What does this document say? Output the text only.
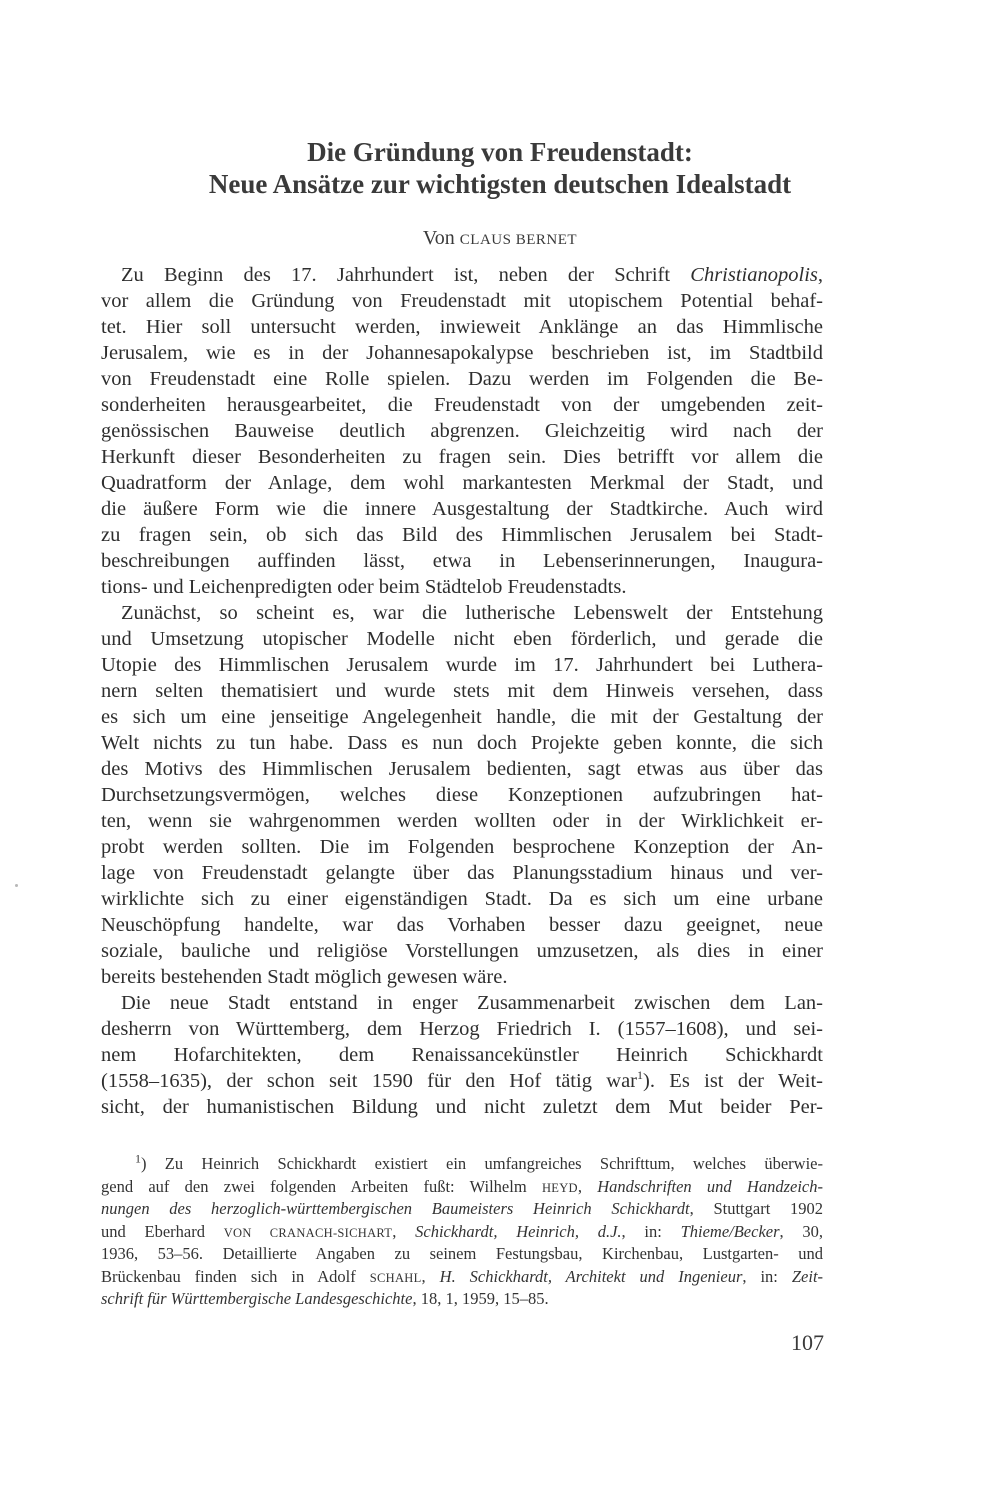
Die Gründung von Freudenstadt:
Neue Ansätze zur wichtigsten deutschen Idealstadt
Von CLAUS BERNET
Zu Beginn des 17. Jahrhundert ist, neben der Schrift Christianopolis,
vor allem die Gründung von Freudenstadt mit utopischem Potential behaf-
tet. Hier soll untersucht werden, inwieweit Anklänge an das Himmlische
Jerusalem, wie es in der Johannesapokalypse beschrieben ist, im Stadtbild
von Freudenstadt eine Rolle spielen. Dazu werden im Folgenden die Be-
sonderheiten herausgearbeitet, die Freudenstadt von der umgebenden zeit-
genössischen Bauweise deutlich abgrenzen. Gleichzeitig wird nach der
Herkunft dieser Besonderheiten zu fragen sein. Dies betrifft vor allem die
Quadratform der Anlage, dem wohl markantesten Merkmal der Stadt, und
die äußere Form wie die innere Ausgestaltung der Stadtkirche. Auch wird
zu fragen sein, ob sich das Bild des Himmlischen Jerusalem bei Stadt-
beschreibungen auffinden lässt, etwa in Lebenserinnerungen, Inaugura-
tions- und Leichenpredigten oder beim Städtelob Freudenstadts.
Zunächst, so scheint es, war die lutherische Lebenswelt der Entstehung
und Umsetzung utopischer Modelle nicht eben förderlich, und gerade die
Utopie des Himmlischen Jerusalem wurde im 17. Jahrhundert bei Luthera-
nern selten thematisiert und wurde stets mit dem Hinweis versehen, dass
es sich um eine jenseitige Angelegenheit handle, die mit der Gestaltung der
Welt nichts zu tun habe. Dass es nun doch Projekte geben konnte, die sich
des Motivs des Himmlischen Jerusalem bedienten, sagt etwas aus über das
Durchsetzungsvermögen, welches diese Konzeptionen aufzubringen hat-
ten, wenn sie wahrgenommen werden wollten oder in der Wirklichkeit er-
probt werden sollten. Die im Folgenden besprochene Konzeption der An-
lage von Freudenstadt gelangte über das Planungsstadium hinaus und ver-
wirklichte sich zu einer eigenständigen Stadt. Da es sich um eine urbane
Neuschöpfung handelte, war das Vorhaben besser dazu geeignet, neue
soziale, bauliche und religiöse Vorstellungen umzusetzen, als dies in einer
bereits bestehenden Stadt möglich gewesen wäre.
Die neue Stadt entstand in enger Zusammenarbeit zwischen dem Lan-
desherrn von Württemberg, dem Herzog Friedrich I. (1557–1608), und sei-
nem Hofarchitekten, dem Renaissancekünstler Heinrich Schickhardt
(1558–1635), der schon seit 1590 für den Hof tätig war$^1$). Es ist der Weit-
sicht, der humanistischen Bildung und nicht zuletzt dem Mut beider Per-
$^1$) Zu Heinrich Schickhardt existiert ein umfangreiches Schrifttum, welches überwie-
gend auf den zwei folgenden Arbeiten fußt: Wilhelm HEYD, Handschriften und Handzeich-
nungen des herzoglich-württembergischen Baumeisters Heinrich Schickhardt, Stuttgart 1902
und Eberhard VON CRANACH-SICHART, Schickhardt, Heinrich, d.J., in: Thieme/Becker, 30,
1936, 53–56. Detaillierte Angaben zu seinem Festungsbau, Kirchenbau, Lustgarten- und
Brückenbau finden sich in Adolf SCHAHL, H. Schickhardt, Architekt und Ingenieur, in: Zeit-
schrift für Württembergische Landesgeschichte, 18, 1, 1959, 15–85.
107
